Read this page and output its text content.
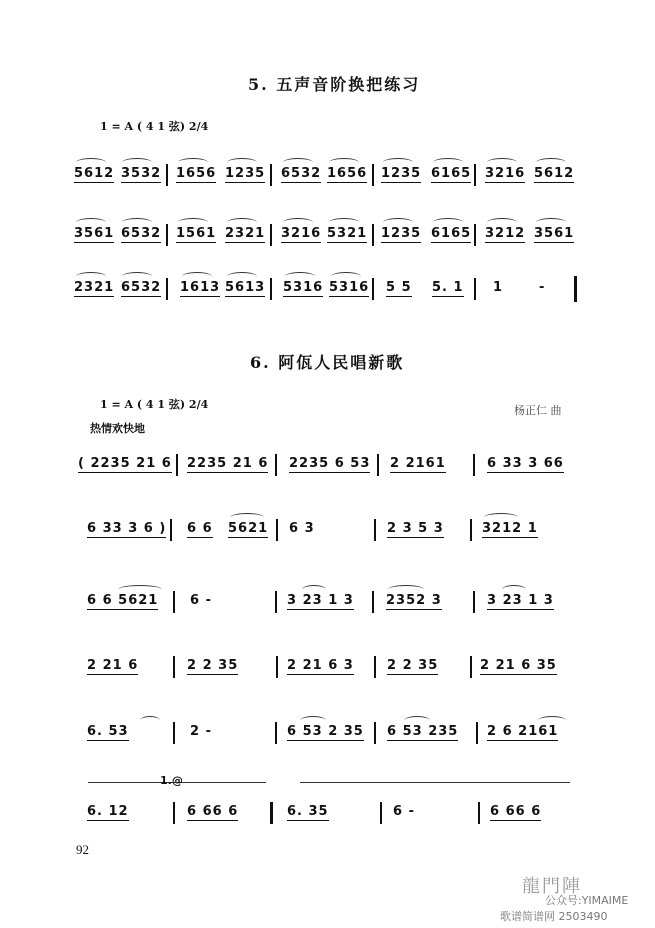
5. 五声音阶换把练习
1 = A ( 4 1 弦) 2/4
5612 3532 1656 1235 6532 1656 1235 6165 3216 5612
3561 6532 1561 2321 3216 5321 1235 6165 3212 3561
2321 6532 1613 5613 5316 5316 5 5 5. 1 1	-
6. 阿佤人民唱新歌
1 = A ( 4 1 弦) 2/4	杨正仁 曲
热情欢快地
( 2235 21 6 2235 21 6 2235 6 53 2 2161	6 33 3 66
6 33 3 6 ) 6 6 5621 6 3	2 3 5 3	3212 1
6 6 5621 6 -	3 23 1 3 2352 3	3 23 1 3
2 21 6	2 2 35	2 21 6 3	2 2 35	2 21 6 35
6. 53	2 -	6 53 2 35 6 53 235 2 6 2161
1.@
6. 12	6 66 6	6. 35	6 -	6 66 6
92
龍門陣
公众号:YIMAIME
歌谱简谱网 2503490
